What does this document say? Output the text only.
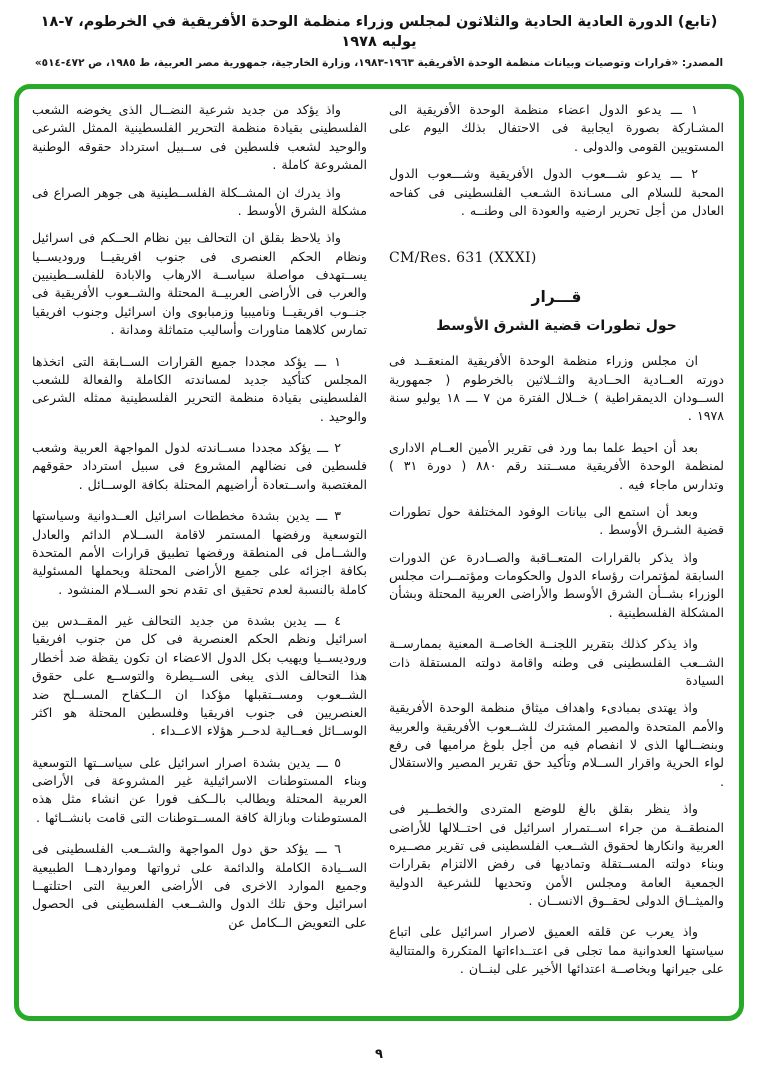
(تابع) الدورة العادية الحادية والثلاثون لمجلس وزراء منظمة الوحدة الأفريقية في الخرطوم، ٧-١٨ يوليه ١٩٧٨
المصدر: «قرارات وتوصيات وبيانات منظمة الوحدة الأفريقية ١٩٦٣-١٩٨٣، وزارة الخارجية، جمهورية مصر العربية، ط ١٩٨٥، ص ٤٧٢-٥١٤»

١ ـــ يدعو الدول اعضاء منظمة الوحدة الأفريقية الى المشـاركة بصورة ايجابية فى الاحتفال بذلك اليوم على المستويين القومى والدولى .

٢ ـــ يدعو شـــعوب الدول الأفريقية وشـــعوب الدول المحبة للسلام الى مسـاندة الشـعب الفلسطينى فى كفاحه العادل من أجل تحرير ارضيه والعودة الى وطنــه .

CM/Res. 631 (XXXI)
قـــرار
حول تطورات قضية الشرق الأوسط

ان مجلس وزراء منظمة الوحدة الأفريقية المنعقــد فى دورته العــادية الحــادية والثــلاثين بالخرطوم ( جمهورية الســودان الديمقراطية ) خــلال الفترة من ٧ ـــ ١٨ يوليو سنة ١٩٧٨ .

بعد أن احيط علما بما ورد فى تقرير الأمين العــام الادارى لمنظمة الوحدة الأفريقية مســتند رقم ٨٨٠ ( دورة ٣١ ) وتدارس ماجاء فيه .

وبعد أن استمع الى بيانات الوفود المختلفة حول تطورات قضية الشـرق الأوسط .

واذ يذكر بالقرارات المتعــاقبة والصــادرة عن الدورات السابقة لمؤتمرات رؤساء الدول والحكومات ومؤتمــرات مجلس الوزراء بشــأن الشرق الأوسط والأراضى العربية المحتلة وبشأن المشكلة الفلسطينية .

واذ يذكر كذلك بتقرير اللجنــة الخاصــة المعنية بممارســة الشــعب الفلسطينى فى وطنه واقامة دولته المستقلة ذات السيادة

واذ يهتدى بمبادىء واهداف ميثاق منظمة الوحدة الأفريقية والأمم المتحدة والمصير المشترك للشــعوب الأفريقية والعربية وبنضــالها الذى لا انفصام فيه من أجل بلوغ مراميها فى رفع لواء الحرية واقرار الســلام وتأكيد حق تقرير المصير والاستقلال .

واذ ينظر بقلق بالغ للوضع المتردى والخطــير فى المنطقــة من جراء اســتمرار اسرائيل فى احتــلالها للأراضى العربية وانكارها لحقوق الشــعب الفلسطينى فى تقرير مصــيره وبناء دولته المســتقلة وتماديها فى رفض الالتزام بقرارات الجمعية العامة ومجلس الأمن وتحديها للشرعية الدولية والميثــاق الدولى لحقــوق الانســان .

واذ يعرب عن قلقه العميق لاصرار اسرائيل على اتباع سياستها العدوانية مما تجلى فى اعتــداءاتها المتكررة والمتتالية على جيرانها وبخاصــة اعتدائها الأخير على لبنــان .

واذ يؤكد من جديد شرعية النضــال الذى يخوضه الشعب الفلسطينى بقيادة منظمة التحرير الفلسطينية الممثل الشرعى والوحيد لشعب فلسطين فى ســبيل استرداد حقوقه الوطنية المشروعة كاملة .

واذ يدرك ان المشــكلة الفلســطينية هى جوهر الصراع فى مشكلة الشرق الأوسط .

واذ يلاحظ بقلق ان التحالف بين نظام الحــكم فى اسرائيل ونظام الحكم العنصرى فى جنوب افريقيــا وروديســيا يســتهدف مواصلة سياســة الارهاب والابادة للفلســطينيين والعرب فى الأراضى العربيــة المحتلة والشــعوب الأفريقية فى جنــوب افريقيــا وناميبيا وزمبابوى وان اسرائيل وجنوب افريقيا تمارس كلاهما مناورات وأساليب متماثلة ومدانة .

١ ـــ يؤكد مجددا جميع القرارات الســابقة التى اتخذها المجلس كتأكيد جديد لمساندته الكاملة والفعالة للشعب الفلسطينى بقيادة منظمة التحرير الفلسطينية ممثله الشرعى والوحيد .

٢ ـــ يؤكد مجددا مســاندته لدول المواجهة العربية وشعب فلسطين فى نضالهم المشروع فى سبيل استرداد حقوقهم المغتصبة واســتعادة أراضيهم المحتلة بكافة الوســائل .

٣ ـــ يدين بشدة مخططات اسرائيل العــدوانية وسياستها التوسعية ورفضها المستمر لاقامة الســلام الدائم والعادل والشــامل فى المنطقة ورفضها تطبيق قرارات الأمم المتحدة بكافة اجزائه على جميع الأراضى المحتلة ويحملها المسئولية كاملة بالنسبة لعدم تحقيق اى تقدم نحو الســلام المنشود .

٤ ـــ يدين بشدة من جديد التحالف غير المقــدس بين اسرائيل ونظم الحكم العنصرية فى كل من جنوب افريقيا وروديســيا ويهيب بكل الدول الاعضاء ان تكون يقظة ضد أخطار هذا التحالف الذى يبغى الســيطرة والتوســع على حقوق الشــعوب ومســتقبلها مؤكدا ان الــكفاح المســلح ضد العنصريين فى جنوب افريقيا وفلسطين المحتلة هو اكثر الوســائل فعــالية لدحــر هؤلاء الاعــداء .

٥ ـــ يدين بشدة اصرار اسرائيل على سياســتها التوسعية وبناء المستوطنات الاسرائيلية غير المشروعة فى الأراضى العربية المحتلة ويطالب بالــكف فورا عن انشاء مثل هذه المستوطنات وبازالة كافة المســتوطنات التى قامت بانشــائها .

٦ ـــ يؤكد حق دول المواجهة والشــعب الفلسطينى فى الســيادة الكاملة والدائمة على ثرواتها ومواردهــا الطبيعية وجميع الموارد الاخرى فى الأراضى العربية التى احتلتهــا اسرائيل وحق تلك الدول والشــعب الفلسطينى فى الحصول على التعويض الــكامل عن

٩
